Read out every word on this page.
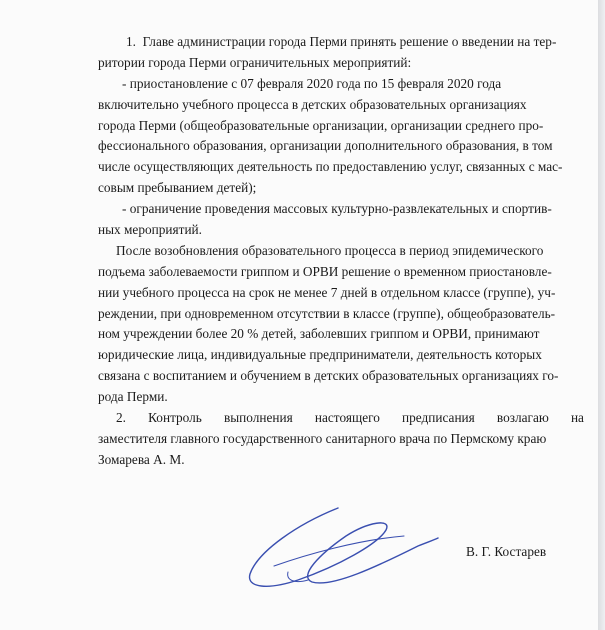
1.  Главе администрации города Перми принять решение о введении на тер-
ритории города Перми ограничительных мероприятий:
- приостановление с 07 февраля 2020 года по 15 февраля 2020 года
включительно учебного процесса в детских образовательных организациях
города Перми (общеобразовательные организации, организации среднего про-
фессионального образования, организации дополнительного образования, в том
числе осуществляющих деятельность по предоставлению услуг, связанных с мас-
совым пребыванием детей);
- ограничение проведения массовых культурно-развлекательных и спортив-
ных мероприятий.
После возобновления образовательного процесса в период эпидемического
подъема заболеваемости гриппом и ОРВИ решение о временном приостановле-
нии учебного процесса на срок не менее 7 дней в отдельном классе (группе), уч-
реждении, при одновременном отсутствии в классе (группе), общеобразователь-
ном учреждении более 20 % детей, заболевших гриппом и ОРВИ, принимают
юридические лица, индивидуальные предприниматели, деятельность которых
связана с воспитанием и обучением в детских образовательных организациях го-
рода Перми.
2. Контроль выполнения настоящего предписания возлагаю на
заместителя главного государственного санитарного врача по Пермскому краю
Зомарева А. М.
В. Г. Костарев
